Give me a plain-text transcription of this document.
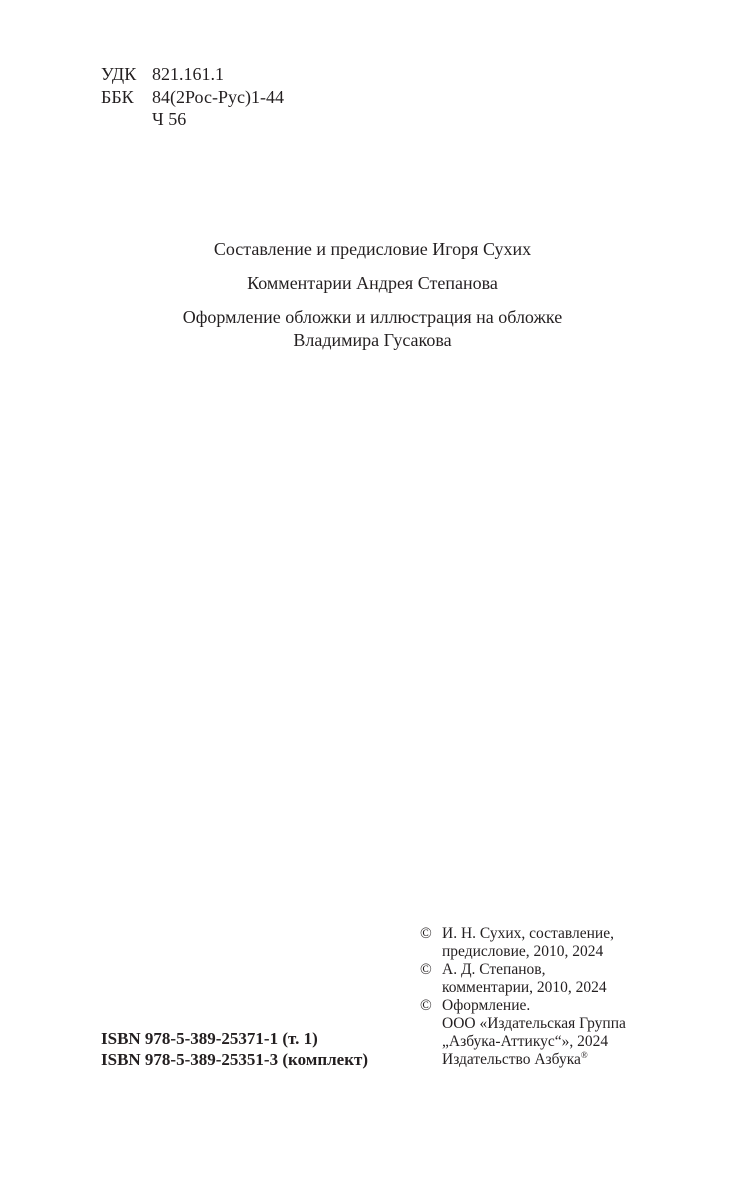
УДК 821.161.1
ББК	84(2Рос-Рус)1-44
Ч 56

Составление и предисловие Игоря Сухих

Комментарии Андрея Степанова

Оформление обложки и иллюстрация на обложке

Владимира Гусакова

© И. Н. Сухих, составление,
предисловие, 2010, 2024
© А. Д. Степанов,
комментарии, 2010, 2024
© Оформление.
ООО «Издательская Группа
„Азбука-Аттикус“», 2024
Издательство Азбука®
ISBN 978-5-389-25371-1 (т. 1)
ISBN 978-5-389-25351-3 (комплект)
